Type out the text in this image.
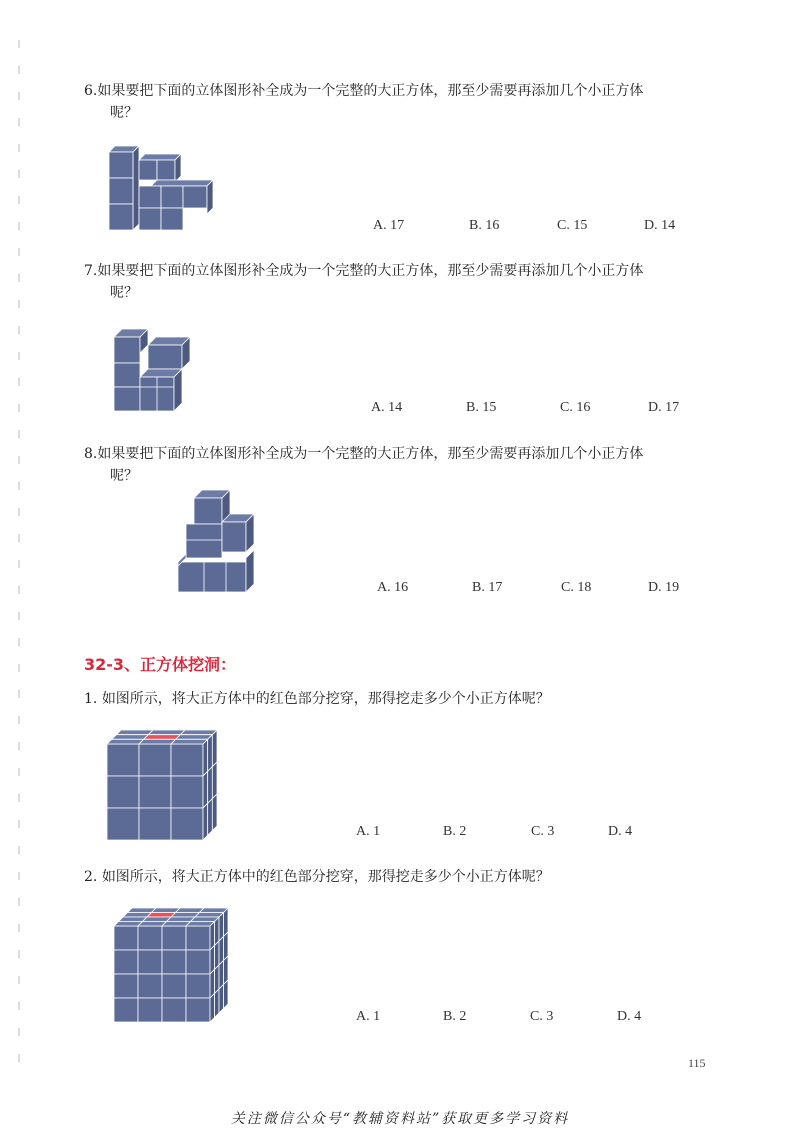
6.如果要把下面的立体图形补全成为一个完整的大正方体，那至少需要再添加几个小正方体
呢？
A. 17	B. 16	C. 15	D. 14
7.如果要把下面的立体图形补全成为一个完整的大正方体，那至少需要再添加几个小正方体
呢？
A. 14	B. 15	C. 16	D. 17
8.如果要把下面的立体图形补全成为一个完整的大正方体，那至少需要再添加几个小正方体
呢？
A. 16	B. 17	C. 18	D. 19
32-3、正方体挖洞：
1. 如图所示，将大正方体中的红色部分挖穿，那得挖走多少个小正方体呢？
A. 1	B. 2	C. 3	D. 4
2. 如图所示，将大正方体中的红色部分挖穿，那得挖走多少个小正方体呢？
A. 1	B. 2	C. 3	D. 4
115
关注微信公众号“教辅资料站”获取更多学习资料
